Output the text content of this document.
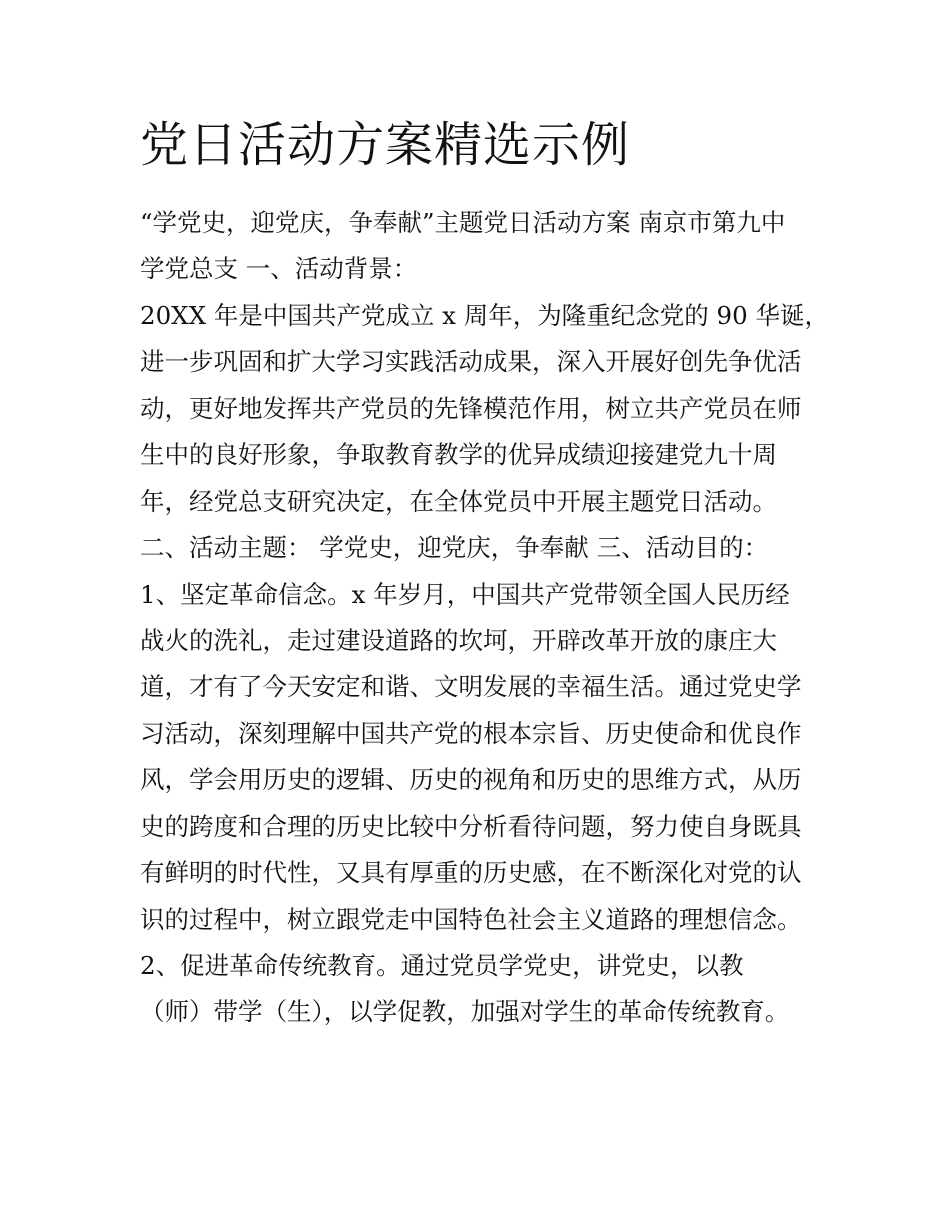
党日活动方案精选示例
“学党史，迎党庆，争奉献”主题党日活动方案 南京市第九中
学党总支 一、活动背景：
20XX 年是中国共产党成立 x 周年，为隆重纪念党的 90 华诞，
进一步巩固和扩大学习实践活动成果，深入开展好创先争优活
动，更好地发挥共产党员的先锋模范作用，树立共产党员在师
生中的良好形象，争取教育教学的优异成绩迎接建党九十周
年，经党总支研究决定，在全体党员中开展主题党日活动。
二、活动主题： 学党史，迎党庆，争奉献 三、活动目的：
1、坚定革命信念。x 年岁月，中国共产党带领全国人民历经
战火的洗礼，走过建设道路的坎坷，开辟改革开放的康庄大
道，才有了今天安定和谐、文明发展的幸福生活。通过党史学
习活动，深刻理解中国共产党的根本宗旨、历史使命和优良作
风，学会用历史的逻辑、历史的视角和历史的思维方式，从历
史的跨度和合理的历史比较中分析看待问题，努力使自身既具
有鲜明的时代性，又具有厚重的历史感，在不断深化对党的认
识的过程中，树立跟党走中国特色社会主义道路的理想信念。
2、促进革命传统教育。通过党员学党史，讲党史，以教
（师）带学（生），以学促教，加强对学生的革命传统教育。
